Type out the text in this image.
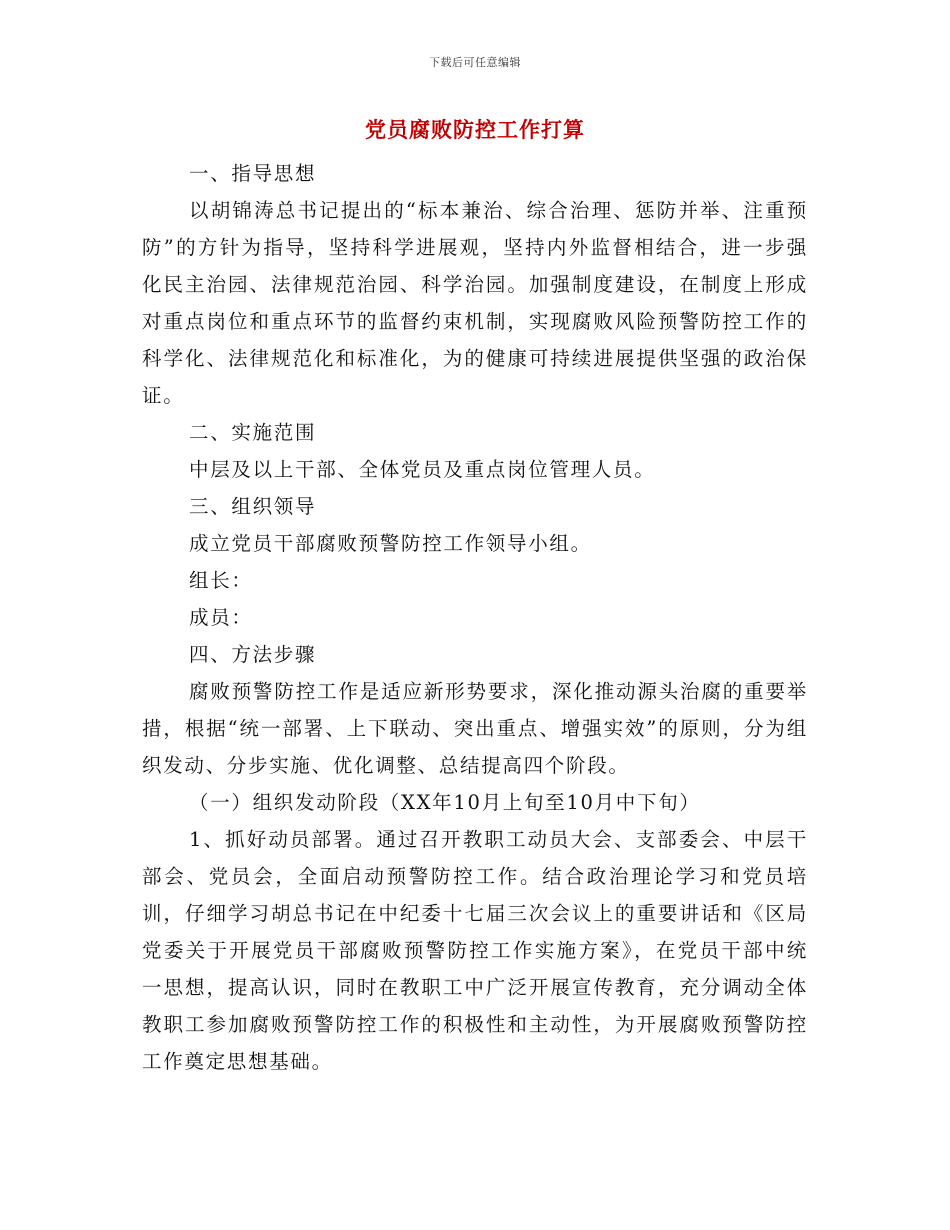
下载后可任意编辑
党员腐败防控工作打算

一、指导思想

以胡锦涛总书记提出的“标本兼治、综合治理、惩防并举、注重预防”的方针为指导，坚持科学进展观，坚持内外监督相结合，进一步强化民主治园、法律规范治园、科学治园。加强制度建设，在制度上形成对重点岗位和重点环节的监督约束机制，实现腐败风险预警防控工作的科学化、法律规范化和标准化，为的健康可持续进展提供坚强的政治保证。

二、实施范围

中层及以上干部、全体党员及重点岗位管理人员。

三、组织领导

成立党员干部腐败预警防控工作领导小组。

组长：

成员：

四、方法步骤

腐败预警防控工作是适应新形势要求，深化推动源头治腐的重要举措，根据“统一部署、上下联动、突出重点、增强实效”的原则，分为组织发动、分步实施、优化调整、总结提高四个阶段。

（一）组织发动阶段（XX年10月上旬至10月中下旬）

1、抓好动员部署。通过召开教职工动员大会、支部委会、中层干部会、党员会，全面启动预警防控工作。结合政治理论学习和党员培训，仔细学习胡总书记在中纪委十七届三次会议上的重要讲话和《区局党委关于开展党员干部腐败预警防控工作实施方案》，在党员干部中统一思想，提高认识，同时在教职工中广泛开展宣传教育，充分调动全体教职工参加腐败预警防控工作的积极性和主动性，为开展腐败预警防控工作奠定思想基础。
